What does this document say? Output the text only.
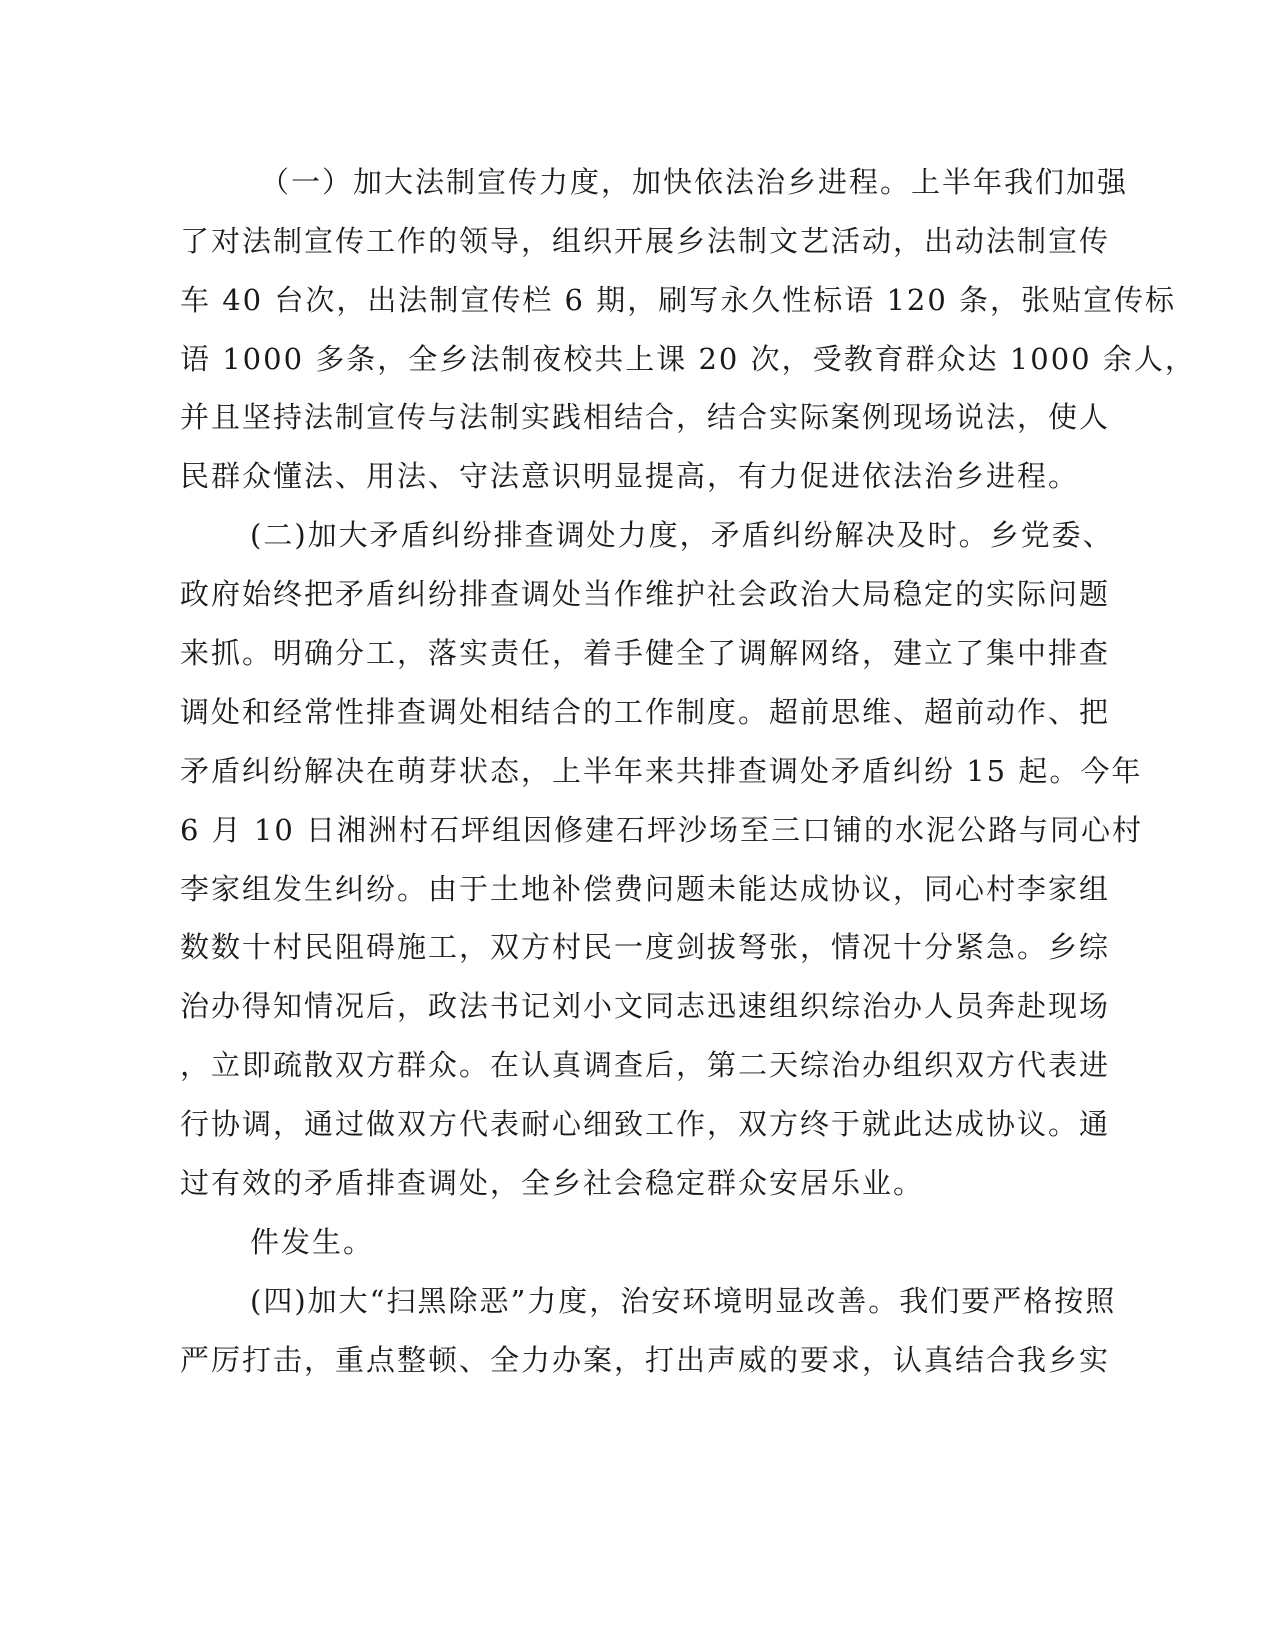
（一）加大法制宣传力度，加快依法治乡进程。上半年我们加强
了对法制宣传工作的领导，组织开展乡法制文艺活动，出动法制宣传
车 40 台次，出法制宣传栏 6 期，刷写永久性标语 120 条，张贴宣传标
语 1000 多条，全乡法制夜校共上课 20 次，受教育群众达 1000 余人，
并且坚持法制宣传与法制实践相结合，结合实际案例现场说法，使人
民群众懂法、用法、守法意识明显提高，有力促进依法治乡进程。
(二)加大矛盾纠纷排查调处力度，矛盾纠纷解决及时。乡党委、
政府始终把矛盾纠纷排查调处当作维护社会政治大局稳定的实际问题
来抓。明确分工，落实责任，着手健全了调解网络，建立了集中排查
调处和经常性排查调处相结合的工作制度。超前思维、超前动作、把
矛盾纠纷解决在萌芽状态，上半年来共排查调处矛盾纠纷 15 起。今年
6 月 10 日湘洲村石坪组因修建石坪沙场至三口铺的水泥公路与同心村
李家组发生纠纷。由于土地补偿费问题未能达成协议，同心村李家组
数数十村民阻碍施工，双方村民一度剑拔弩张，情况十分紧急。乡综
治办得知情况后，政法书记刘小文同志迅速组织综治办人员奔赴现场
，立即疏散双方群众。在认真调查后，第二天综治办组织双方代表进
行协调，通过做双方代表耐心细致工作，双方终于就此达成协议。通
过有效的矛盾排查调处，全乡社会稳定群众安居乐业。
件发生。
(四)加大“扫黑除恶”力度，治安环境明显改善。我们要严格按照
严厉打击，重点整顿、全力办案，打出声威的要求，认真结合我乡实
